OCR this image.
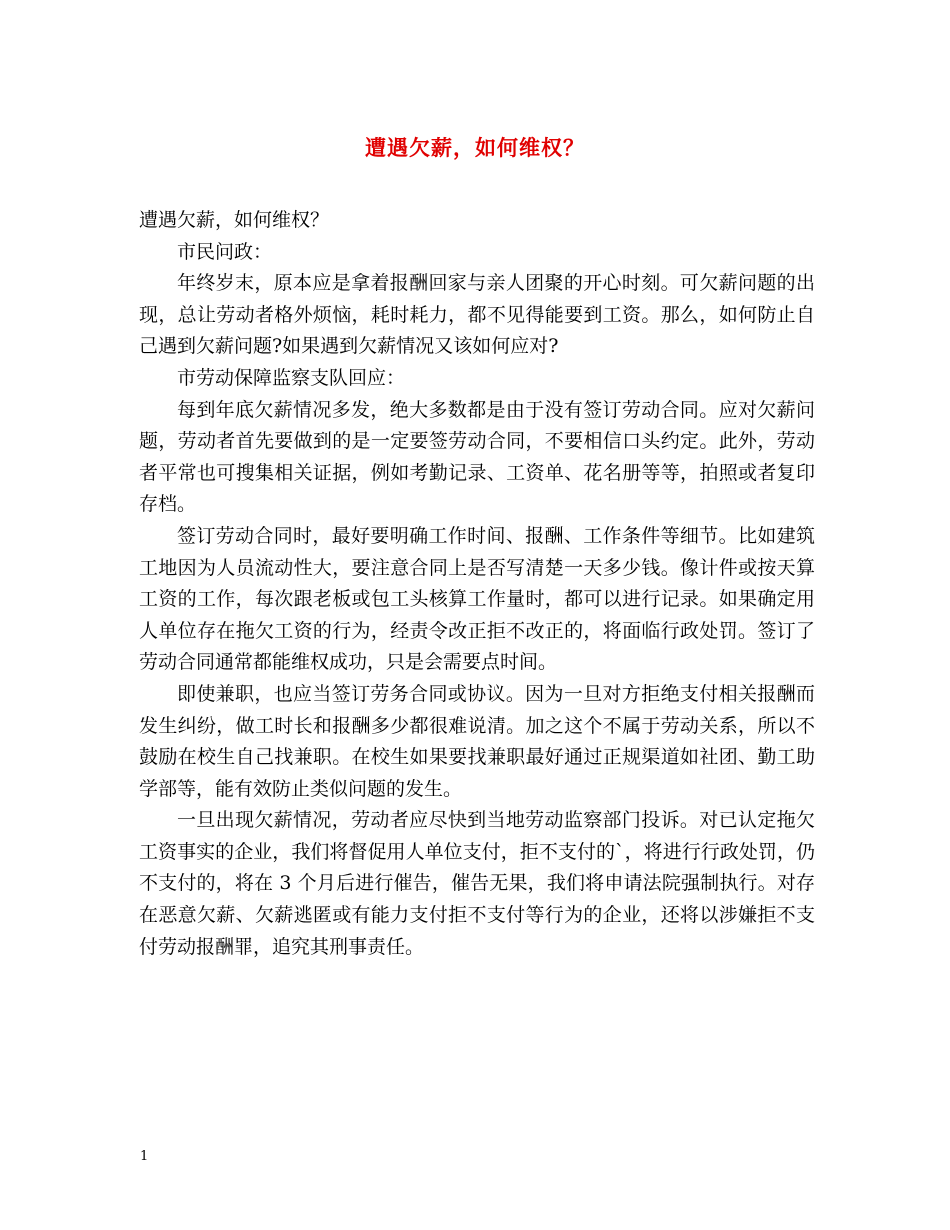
遭遇欠薪，如何维权？

遭遇欠薪，如何维权？

市民问政：

年终岁末，原本应是拿着报酬回家与亲人团聚的开心时刻。可欠薪问题的出现，总让劳动者格外烦恼，耗时耗力，都不见得能要到工资。那么，如何防止自己遇到欠薪问题?如果遇到欠薪情况又该如何应对?

市劳动保障监察支队回应：

每到年底欠薪情况多发，绝大多数都是由于没有签订劳动合同。应对欠薪问题，劳动者首先要做到的是一定要签劳动合同，不要相信口头约定。此外，劳动者平常也可搜集相关证据，例如考勤记录、工资单、花名册等等，拍照或者复印存档。

签订劳动合同时，最好要明确工作时间、报酬、工作条件等细节。比如建筑工地因为人员流动性大，要注意合同上是否写清楚一天多少钱。像计件或按天算工资的工作，每次跟老板或包工头核算工作量时，都可以进行记录。如果确定用人单位存在拖欠工资的行为，经责令改正拒不改正的，将面临行政处罚。签订了劳动合同通常都能维权成功，只是会需要点时间。

即使兼职，也应当签订劳务合同或协议。因为一旦对方拒绝支付相关报酬而发生纠纷，做工时长和报酬多少都很难说清。加之这个不属于劳动关系，所以不鼓励在校生自己找兼职。在校生如果要找兼职最好通过正规渠道如社团、勤工助学部等，能有效防止类似问题的发生。

一旦出现欠薪情况，劳动者应尽快到当地劳动监察部门投诉。对已认定拖欠工资事实的企业，我们将督促用人单位支付，拒不支付的`，将进行行政处罚，仍不支付的，将在 3 个月后进行催告，催告无果，我们将申请法院强制执行。对存在恶意欠薪、欠薪逃匿或有能力支付拒不支付等行为的企业，还将以涉嫌拒不支付劳动报酬罪，追究其刑事责任。

1
